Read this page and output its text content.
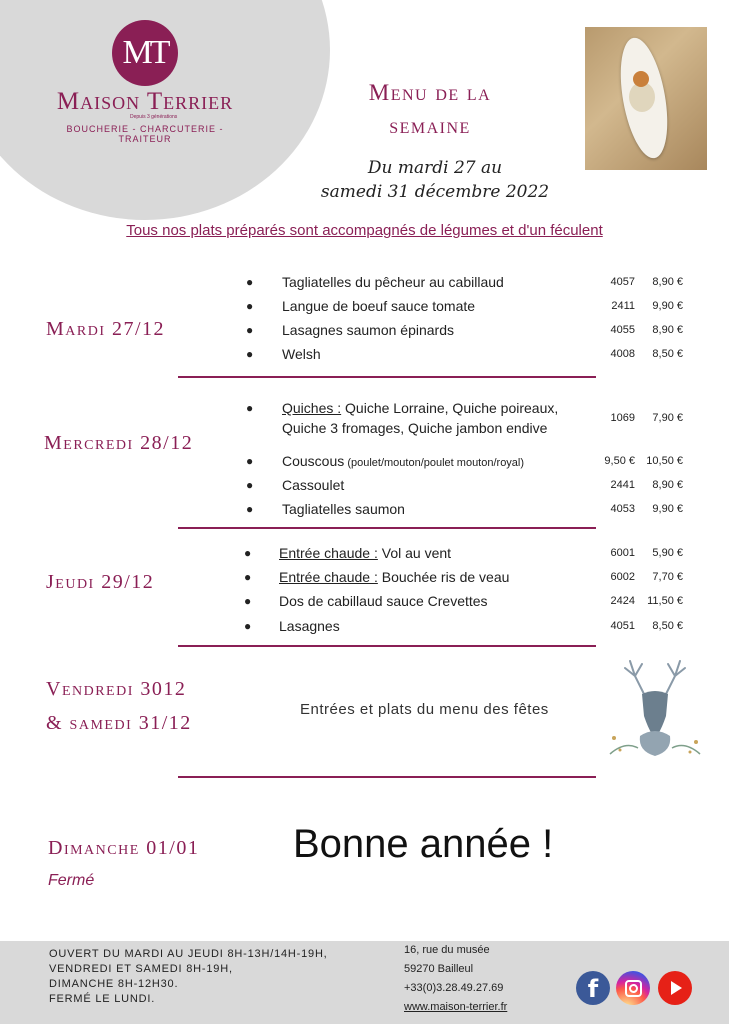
MT
Maison Terrier
Depuis 3 générations
BOUCHERIE - CHARCUTERIE - TRAITEUR
Menu de la
semaine
Du mardi 27 au
samedi 31 décembre 2022
Tous nos plats préparés sont accompagnés de légumes et d'un féculent
Mardi 27/12
● Tagliatelles du pêcheur au cabillaud	4057	8,90 €
● Langue de boeuf sauce tomate	2411	9,90 €
● Lasagnes saumon épinards	4055	8,90 €
● Welsh	4008	8,50 €
Mercredi 28/12
● Quiches : Quiche Lorraine, Quiche poireaux,
Quiche 3 fromages, Quiche jambon endive
1069	7,90 €
● Couscous (poulet/mouton/poulet mouton/royal)	9,50 €	10,50 €
● Cassoulet	2441	8,90 €
● Tagliatelles saumon	4053	9,90 €
Jeudi 29/12
● Entrée chaude : Vol au vent	6001	5,90 €
● Entrée chaude : Bouchée ris de veau	6002	7,70 €
● Dos de cabillaud sauce Crevettes	2424	11,50 €
● Lasagnes	4051	8,50 €
Vendredi 3012
& samedi 31/12
Entrées et plats du menu des fêtes
Dimanche 01/01
Fermé
Bonne année !
OUVERT DU MARDI AU JEUDI 8H-13H/14H-19H,
VENDREDI ET SAMEDI 8H-19H,
DIMANCHE 8H-12H30.
FERMÉ LE LUNDI.
16, rue du musée
59270 Bailleul
+33(0)3.28.49.27.69
www.maison-terrier.fr
f
